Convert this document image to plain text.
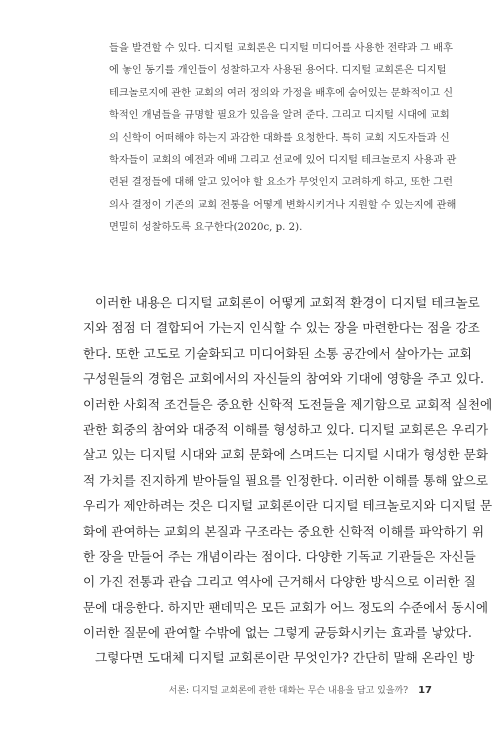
들을 발견할 수 있다. 디지털 교회론은 디지털 미디어를 사용한 전략과 그 배후
에 놓인 동기를 개인들이 성찰하고자 사용된 용어다. 디지털 교회론은 디지털
테크놀로지에 관한 교회의 여러 정의와 가정을 배후에 숨어있는 문화적이고 신
학적인 개념들을 규명할 필요가 있음을 알려 준다. 그리고 디지털 시대에 교회
의 신학이 어떠해야 하는지 과감한 대화를 요청한다. 특히 교회 지도자들과 신
학자들이 교회의 예전과 예배 그리고 선교에 있어 디지털 테크놀로지 사용과 관
련된 결정들에 대해 알고 있어야 할 요소가 무엇인지 고려하게 하고, 또한 그런
의사 결정이 기존의 교회 전통을 어떻게 변화시키거나 지원할 수 있는지에 관해
면밀히 성찰하도록 요구한다(2020c, p. 2).
이러한 내용은 디지털 교회론이 어떻게 교회적 환경이 디지털 테크놀로
지와 점점 더 결합되어 가는지 인식할 수 있는 장을 마련한다는 점을 강조
한다. 또한 고도로 기술화되고 미디어화된 소통 공간에서 살아가는 교회
구성원들의 경험은 교회에서의 자신들의 참여와 기대에 영향을 주고 있다.
이러한 사회적 조건들은 중요한 신학적 도전들을 제기함으로 교회적 실천에
관한 회중의 참여와 대중적 이해를 형성하고 있다. 디지털 교회론은 우리가
살고 있는 디지털 시대와 교회 문화에 스며드는 디지털 시대가 형성한 문화
적 가치를 진지하게 받아들일 필요를 인정한다. 이러한 이해를 통해 앞으로
우리가 제안하려는 것은 디지털 교회론이란 디지털 테크놀로지와 디지털 문
화에 관여하는 교회의 본질과 구조라는 중요한 신학적 이해를 파악하기 위
한 장을 만들어 주는 개념이라는 점이다. 다양한 기독교 기관들은 자신들
이 가진 전통과 관습 그리고 역사에 근거해서 다양한 방식으로 이러한 질
문에 대응한다. 하지만 팬데믹은 모든 교회가 어느 정도의 수준에서 동시에
이러한 질문에 관여할 수밖에 없는 그렇게 균등화시키는 효과를 낳았다.
그렇다면 도대체 디지털 교회론이란 무엇인가? 간단히 말해 온라인 방
서론: 디지털 교회론에 관한 대화는 무슨 내용을 담고 있을까? 17
